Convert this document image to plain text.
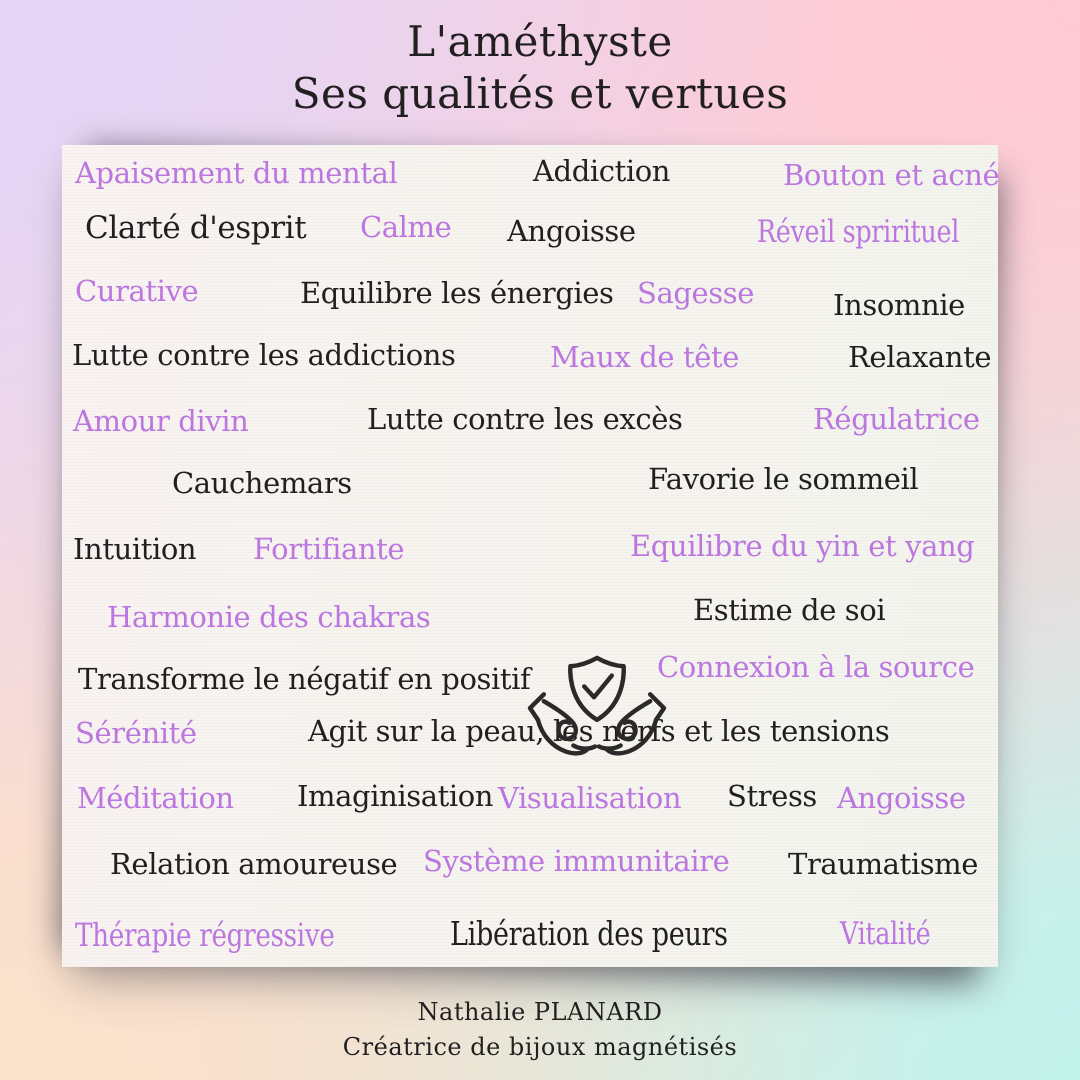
L'améthyste
Ses qualités et vertues
Apaisement du mental	Addiction	Bouton et acné
Clarté d'esprit Calme Angoisse	Réveil sprirituel
Curative	Equilibre les énergies Sagesse	Insomnie
Lutte contre les addictions	Maux de tête	Relaxante
Amour divin	Lutte contre les excès	Régulatrice
Cauchemars	Favorie le sommeil
Intuition Fortifiante	Equilibre du yin et yang
Harmonie des chakras	Estime de soi
Transforme le négatif en positif	Connexion à la source
Sérénité	Agit sur la peau, les nerfs et les tensions
Méditation Imaginisation Visualisation Stress Angoisse
Relation amoureuse Système immunitaire Traumatisme
Thérapie régressive	Libération des peurs	Vitalité
Nathalie PLANARD
Créatrice de bijoux magnétisés
